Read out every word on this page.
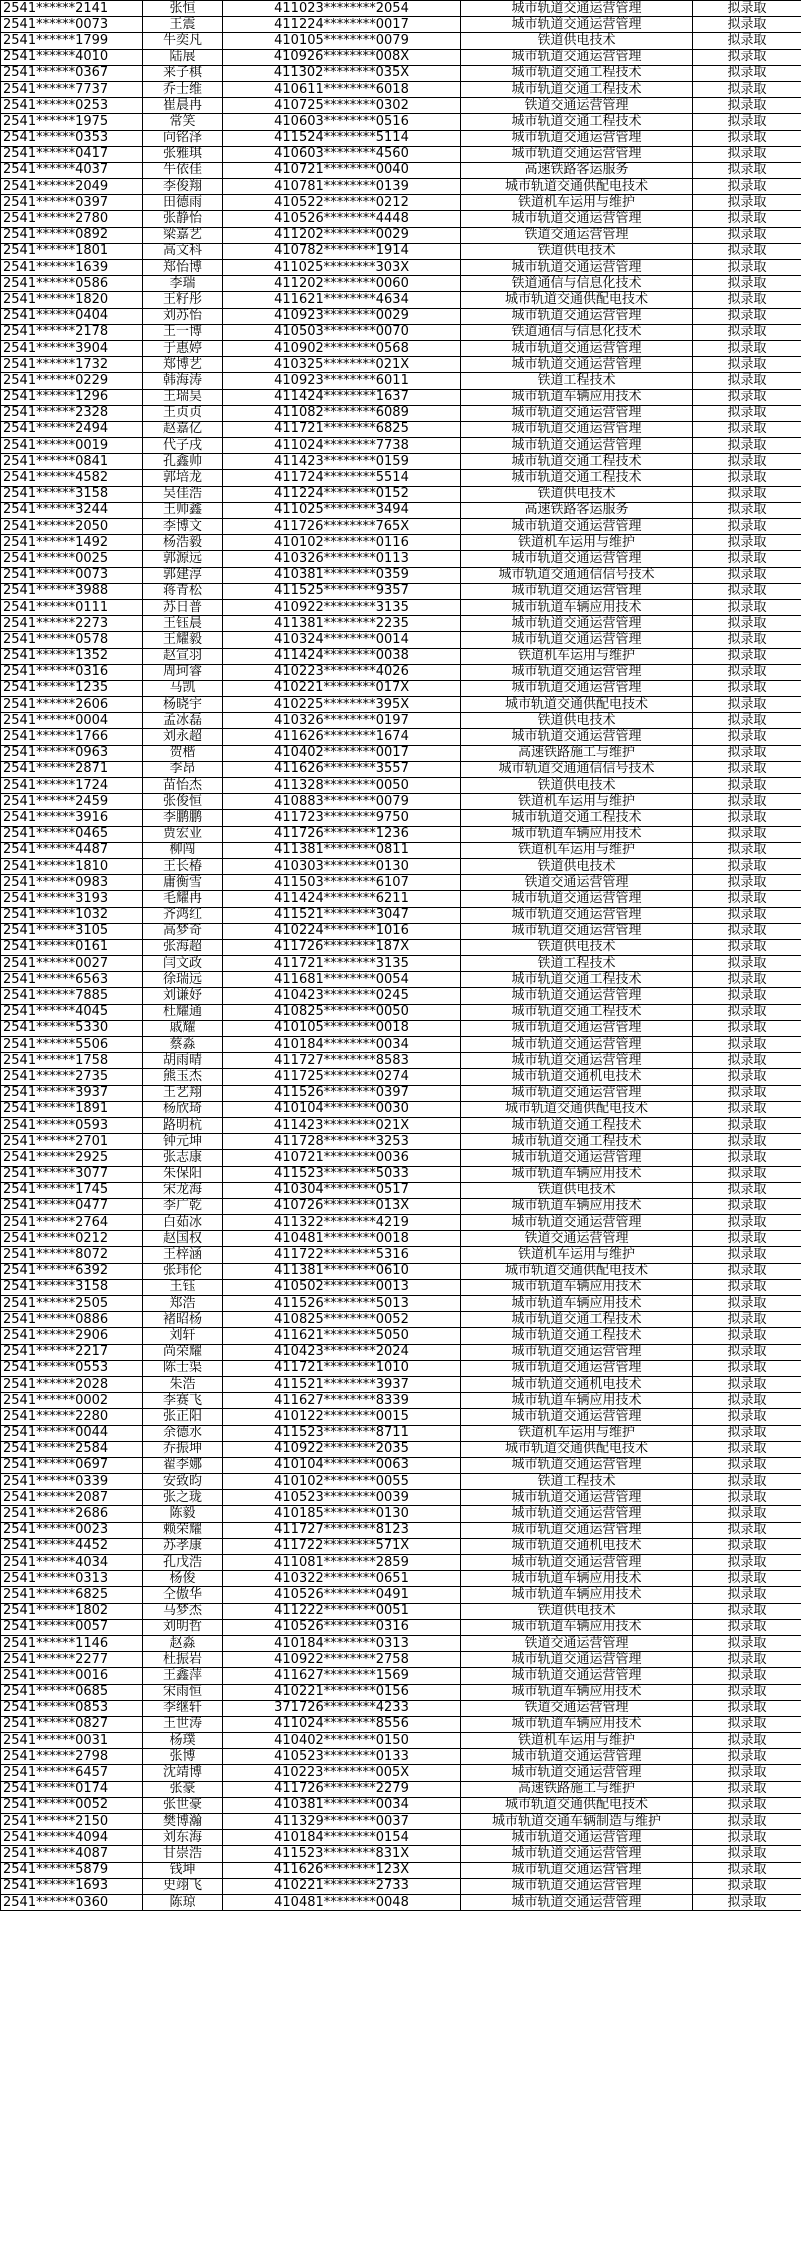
2541******2141	张恒	411023********2054	城市轨道交通运营管理	拟录取
2541******0073	王震	411224********0017	城市轨道交通运营管理	拟录取
2541******1799	牛奕凡	410105********0079	铁道供电技术	拟录取
2541******4010	陆展	410926********008X	城市轨道交通运营管理	拟录取
2541******0367	来子棋	411302********035X	城市轨道交通工程技术	拟录取
2541******7737	乔士维	410611********6018	城市轨道交通工程技术	拟录取
2541******0253	崔晨冉	410725********0302	铁道交通运营管理	拟录取
2541******1975	常笑	410603********0516	城市轨道交通工程技术	拟录取
2541******0353	向铭泽	411524********5114	城市轨道交通运营管理	拟录取
2541******0417	张雅琪	410603********4560	城市轨道交通运营管理	拟录取
2541******4037	牛依佳	410721********0040	高速铁路客运服务	拟录取
2541******2049	李俊翔	410781********0139	城市轨道交通供配电技术	拟录取
2541******0397	田德雨	410522********0212	铁道机车运用与维护	拟录取
2541******2780	张静怡	410526********4448	城市轨道交通运营管理	拟录取
2541******0892	梁嘉艺	411202********0029	铁道交通运营管理	拟录取
2541******1801	高文科	410782********1914	铁道供电技术	拟录取
2541******1639	郑怡博	411025********303X	城市轨道交通运营管理	拟录取
2541******0586	李瑞	411202********0060	铁道通信与信息化技术	拟录取
2541******1820	王籽彤	411621********4634	城市轨道交通供配电技术	拟录取
2541******0404	刘苏怡	410923********0029	城市轨道交通运营管理	拟录取
2541******2178	王一博	410503********0070	铁道通信与信息化技术	拟录取
2541******3904	于惠婷	410902********0568	城市轨道交通运营管理	拟录取
2541******1732	郑博艺	410325********021X	城市轨道交通运营管理	拟录取
2541******0229	韩海涛	410923********6011	铁道工程技术	拟录取
2541******1296	王瑞昊	411424********1637	城市轨道车辆应用技术	拟录取
2541******2328	王贞贞	411082********6089	城市轨道交通运营管理	拟录取
2541******2494	赵嘉亿	411721********6825	城市轨道交通运营管理	拟录取
2541******0019	代子戌	411024********7738	城市轨道交通运营管理	拟录取
2541******0841	孔鑫帅	411423********0159	城市轨道交通工程技术	拟录取
2541******4582	郭培龙	411724********5514	城市轨道交通工程技术	拟录取
2541******3158	吴佳浩	411224********0152	铁道供电技术	拟录取
2541******3244	王帅鑫	411025********3494	高速铁路客运服务	拟录取
2541******2050	李博文	411726********765X	城市轨道交通运营管理	拟录取
2541******1492	杨浩毅	410102********0116	铁道机车运用与维护	拟录取
2541******0025	郭源远	410326********0113	城市轨道交通运营管理	拟录取
2541******0073	郭建淳	410381********0359	城市轨道交通通信信号技术	拟录取
2541******3988	蒋青松	411525********9357	城市轨道交通运营管理	拟录取
2541******0111	苏日普	410922********3135	城市轨道车辆应用技术	拟录取
2541******2273	王钰晨	411381********2235	城市轨道交通运营管理	拟录取
2541******0578	王耀毅	410324********0014	城市轨道交通运营管理	拟录取
2541******1352	赵宣羽	411424********0038	铁道机车运用与维护	拟录取
2541******0316	周珂睿	410223********4026	城市轨道交通运营管理	拟录取
2541******1235	马凯	410221********017X	城市轨道交通运营管理	拟录取
2541******2606	杨晓宇	410225********395X	城市轨道交通供配电技术	拟录取
2541******0004	孟冰磊	410326********0197	铁道供电技术	拟录取
2541******1766	刘永超	411626********1674	城市轨道交通运营管理	拟录取
2541******0963	贺楷	410402********0017	高速铁路施工与维护	拟录取
2541******2871	李昂	411626********3557	城市轨道交通通信信号技术	拟录取
2541******1724	苗怡杰	411328********0050	铁道供电技术	拟录取
2541******2459	张俊恒	410883********0079	铁道机车运用与维护	拟录取
2541******3916	李鹏鹏	411723********9750	城市轨道交通工程技术	拟录取
2541******0465	贾宏业	411726********1236	城市轨道车辆应用技术	拟录取
2541******4487	柳闯	411381********0811	铁道机车运用与维护	拟录取
2541******1810	王长椿	410303********0130	铁道供电技术	拟录取
2541******0983	庸衡雪	411503********6107	铁道交通运营管理	拟录取
2541******3193	毛耀冉	411424********6211	城市轨道交通运营管理	拟录取
2541******1032	齐鸿红	411521********3047	城市轨道交通运营管理	拟录取
2541******3105	高梦奇	410224********1016	城市轨道交通运营管理	拟录取
2541******0161	张海超	411726********187X	铁道供电技术	拟录取
2541******0027	闫文政	411721********3135	铁道工程技术	拟录取
2541******6563	徐瑞远	411681********0054	城市轨道交通工程技术	拟录取
2541******7885	刘谦妤	410423********0245	城市轨道交通运营管理	拟录取
2541******4045	杜耀通	410825********0050	城市轨道交通工程技术	拟录取
2541******5330	戚耀	410105********0018	城市轨道交通运营管理	拟录取
2541******5506	蔡淼	410184********0034	城市轨道交通运营管理	拟录取
2541******1758	胡雨晴	411727********8583	城市轨道交通运营管理	拟录取
2541******2735	熊玉杰	411725********0274	城市轨道交通机电技术	拟录取
2541******3937	王艺翔	411526********0397	城市轨道交通运营管理	拟录取
2541******1891	杨欣琦	410104********0030	城市轨道交通供配电技术	拟录取
2541******0593	路明杭	411423********021X	城市轨道交通工程技术	拟录取
2541******2701	钟元坤	411728********3253	城市轨道交通工程技术	拟录取
2541******2925	张志康	410721********0036	城市轨道交通运营管理	拟录取
2541******3077	朱保阳	411523********5033	城市轨道车辆应用技术	拟录取
2541******1745	宋龙海	410304********0517	铁道供电技术	拟录取
2541******0477	李广乾	410726********013X	城市轨道车辆应用技术	拟录取
2541******2764	白茹冰	411322********4219	城市轨道交通运营管理	拟录取
2541******0212	赵国权	410481********0018	铁道交通运营管理	拟录取
2541******8072	王梓涵	411722********5316	铁道机车运用与维护	拟录取
2541******6392	张玮伦	411381********0610	城市轨道交通供配电技术	拟录取
2541******3158	王钰	410502********0013	城市轨道车辆应用技术	拟录取
2541******2505	郑浩	411526********5013	城市轨道车辆应用技术	拟录取
2541******0886	褚昭杨	410825********0052	城市轨道交通工程技术	拟录取
2541******2906	刘轩	411621********5050	城市轨道交通工程技术	拟录取
2541******2217	尚荣耀	410423********2024	城市轨道交通运营管理	拟录取
2541******0553	陈士渠	411721********1010	城市轨道交通运营管理	拟录取
2541******2028	朱浩	411521********3937	城市轨道交通机电技术	拟录取
2541******0002	李赛飞	411627********8339	城市轨道车辆应用技术	拟录取
2541******2280	张正阳	410122********0015	城市轨道交通运营管理	拟录取
2541******0044	余德水	411523********8711	铁道机车运用与维护	拟录取
2541******2584	乔振坤	410922********2035	城市轨道交通供配电技术	拟录取
2541******0697	翟李娜	410104********0063	城市轨道交通运营管理	拟录取
2541******0339	安致昀	410102********0055	铁道工程技术	拟录取
2541******2087	张之珑	410523********0039	城市轨道交通运营管理	拟录取
2541******2686	陈毅	410185********0130	城市轨道交通运营管理	拟录取
2541******0023	赖荣耀	411727********8123	城市轨道交通运营管理	拟录取
2541******4452	苏孝康	411722********571X	城市轨道交通机电技术	拟录取
2541******4034	孔戊浩	411081********2859	城市轨道交通运营管理	拟录取
2541******0313	杨俊	410322********0651	城市轨道车辆应用技术	拟录取
2541******6825	仝傲华	410526********0491	城市轨道车辆应用技术	拟录取
2541******1802	马梦杰	411222********0051	铁道供电技术	拟录取
2541******0057	刘明哲	410526********0316	城市轨道车辆应用技术	拟录取
2541******1146	赵淼	410184********0313	铁道交通运营管理	拟录取
2541******2277	杜振岩	410922********2758	城市轨道交通运营管理	拟录取
2541******0016	王鑫萍	411627********1569	城市轨道交通运营管理	拟录取
2541******0685	宋雨恒	410221********0156	城市轨道车辆应用技术	拟录取
2541******0853	李继轩	371726********4233	铁道交通运营管理	拟录取
2541******0827	王世涛	411024********8556	城市轨道车辆应用技术	拟录取
2541******0031	杨璞	410402********0150	铁道机车运用与维护	拟录取
2541******2798	张博	410523********0133	城市轨道交通运营管理	拟录取
2541******6457	沈靖博	410223********005X	城市轨道交通运营管理	拟录取
2541******0174	张豪	411726********2279	高速铁路施工与维护	拟录取
2541******0052	张世豪	410381********0034	城市轨道交通供配电技术	拟录取
2541******2150	樊博瀚	411329********0037	城市轨道交通车辆制造与维护	拟录取
2541******4094	刘东海	410184********0154	城市轨道交通运营管理	拟录取
2541******4087	甘崇浩	411523********831X	城市轨道交通运营管理	拟录取
2541******5879	钱坤	411626********123X	城市轨道交通运营管理	拟录取
2541******1693	史翊飞	410221********2733	城市轨道交通运营管理	拟录取
2541******0360	陈琼	410481********0048	城市轨道交通运营管理	拟录取
